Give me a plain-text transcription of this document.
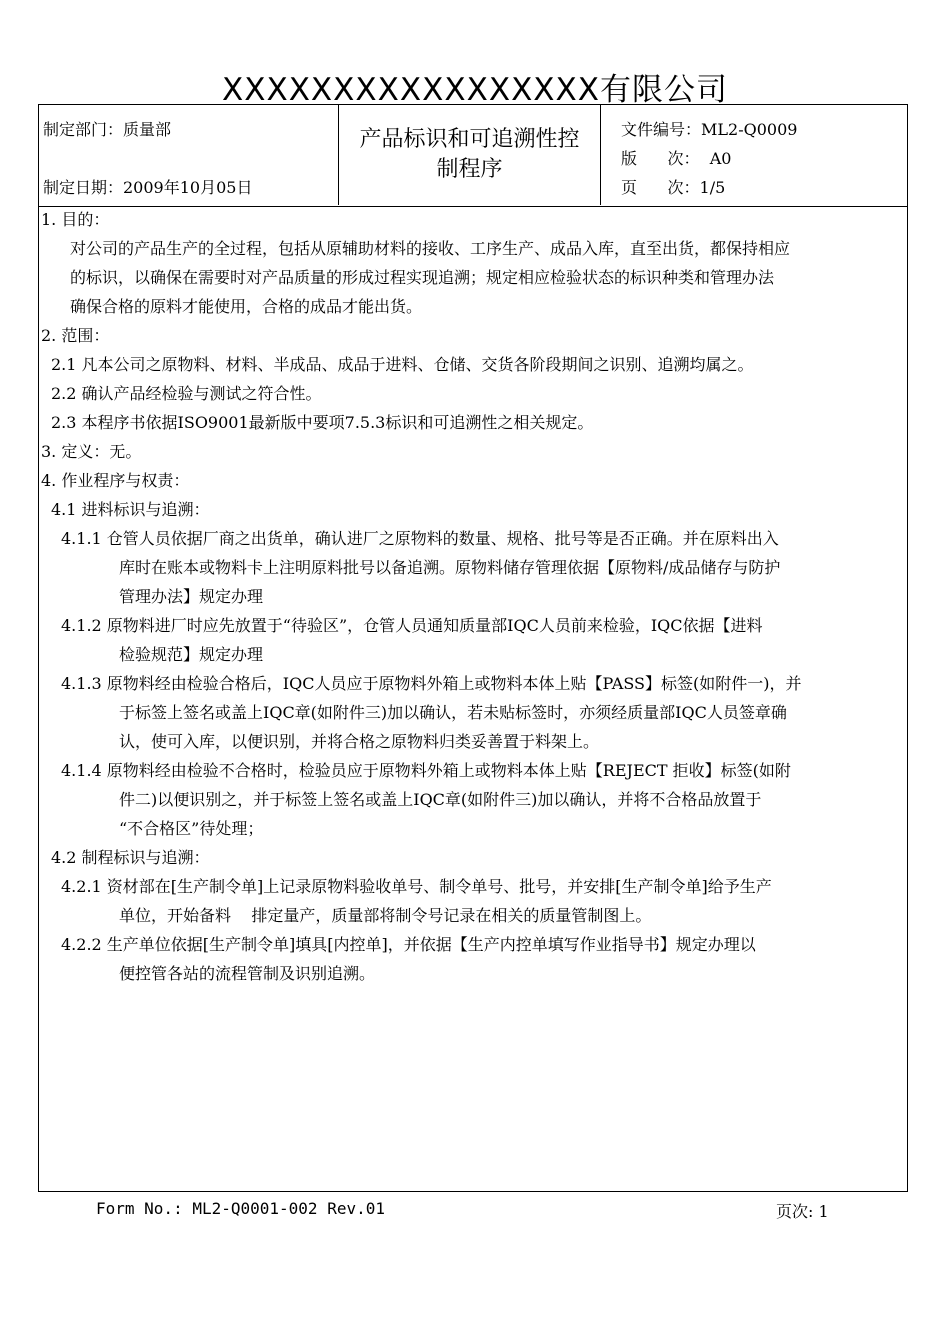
XXXXXXXXXXXXXXXXX有限公司
制定部门：质量部
制定日期：2009年10月05日
产品标识和可追溯性控
制程序
文件编号：ML2-Q0009
版      次：  A0
页      次：1/5
1. 目的：
对公司的产品生产的全过程，包括从原辅助材料的接收、工序生产、成品入库，直至出货，都保持相应
的标识，以确保在需要时对产品质量的形成过程实现追溯；规定相应检验状态的标识种类和管理办法
确保合格的原料才能使用，合格的成品才能出货。
2. 范围：
2.1 凡本公司之原物料、材料、半成品、成品于进料、仓储、交货各阶段期间之识别、追溯均属之。
2.2 确认产品经检验与测试之符合性。
2.3 本程序书依据ISO9001最新版中要项7.5.3标识和可追溯性之相关规定。
3. 定义：无。
4. 作业程序与权责：
4.1 进料标识与追溯：
4.1.1 仓管人员依据厂商之出货单，确认进厂之原物料的数量、规格、批号等是否正确。并在原料出入
库时在账本或物料卡上注明原料批号以备追溯。原物料储存管理依据【原物料/成品储存与防护
管理办法】规定办理
4.1.2 原物料进厂时应先放置于“待验区”，仓管人员通知质量部IQC人员前来检验，IQC依据【进料
检验规范】规定办理
4.1.3 原物料经由检验合格后，IQC人员应于原物料外箱上或物料本体上贴【PASS】标签(如附件一)，并
于标签上签名或盖上IQC章(如附件三)加以确认，若未贴标签时，亦须经质量部IQC人员签章确
认，使可入库，以便识别，并将合格之原物料归类妥善置于料架上。
4.1.4 原物料经由检验不合格时，检验员应于原物料外箱上或物料本体上贴【REJECT 拒收】标签(如附
件二)以便识别之，并于标签上签名或盖上IQC章(如附件三)加以确认，并将不合格品放置于
“不合格区”待处理；
4.2 制程标识与追溯：
4.2.1 资材部在[生产制令单]上记录原物料验收单号、制令单号、批号，并安排[生产制令单]给予生产
单位，开始备料    排定量产，质量部将制令号记录在相关的质量管制图上。
4.2.2 生产单位依据[生产制令单]填具[内控单]，并依据【生产内控单填写作业指导书】规定办理以
便控管各站的流程管制及识别追溯。
Form No.: ML2-Q0001-002 Rev.01	页次: 1
